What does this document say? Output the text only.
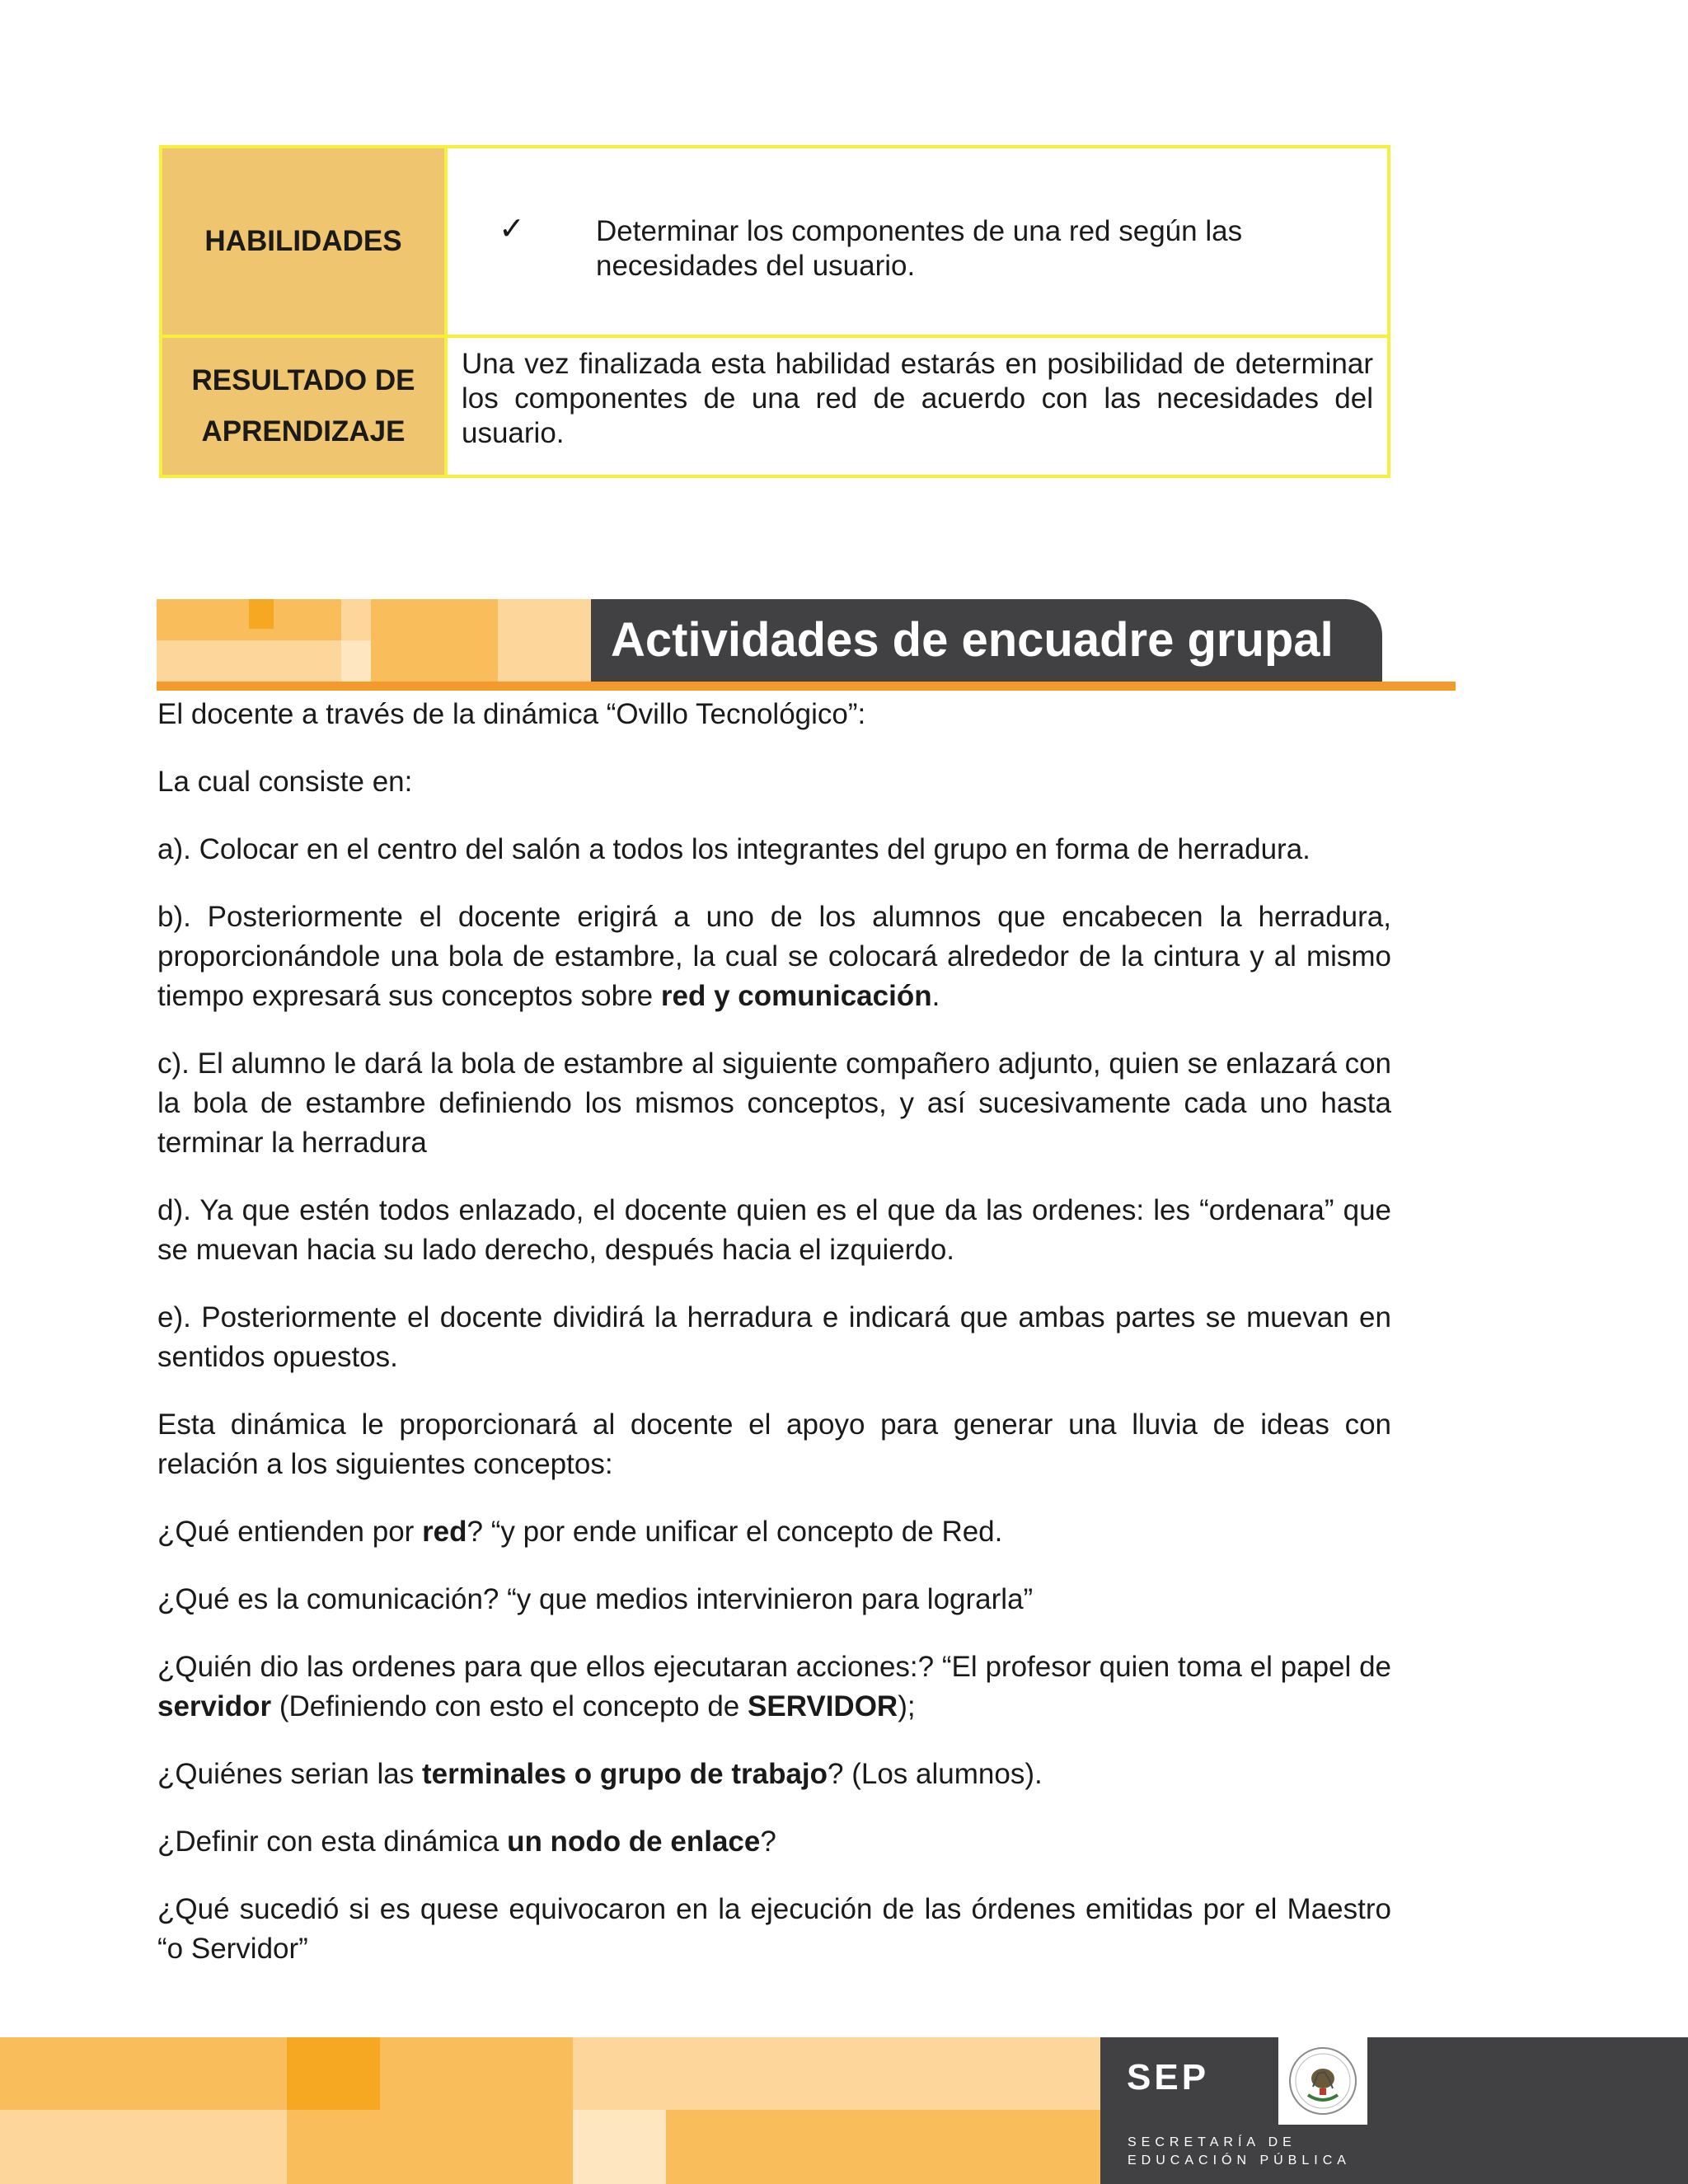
HABILIDADES	✓ Determinar los componentes de una red según las necesidades del usuario.

RESULTADO DE
APRENDIZAJE	Una vez finalizada esta habilidad estarás en posibilidad de determinar los componentes de una red de acuerdo con las necesidades del usuario.
Actividades de encuadre grupal

El docente a través de la dinámica “Ovillo Tecnológico”:

La cual consiste en:

a). Colocar en el centro del salón a todos los integrantes del grupo en forma de herradura.

b). Posteriormente el docente erigirá a uno de los alumnos que encabecen la herradura, proporcionándole una bola de estambre, la cual se colocará alrededor de la cintura y al mismo tiempo expresará sus conceptos sobre red y comunicación.

c). El alumno le dará la bola de estambre al siguiente compañero adjunto, quien se enlazará con la bola de estambre definiendo los mismos conceptos, y así sucesivamente cada uno hasta terminar la herradura

d). Ya que estén todos enlazado, el docente quien es el que da las ordenes: les “ordenara” que se muevan hacia su lado derecho, después hacia el izquierdo.

e). Posteriormente el docente dividirá la herradura e indicará que ambas partes se muevan en sentidos opuestos.

Esta dinámica le proporcionará al docente el apoyo para generar una lluvia de ideas con relación a los siguientes conceptos:

¿Qué entienden por red? “y por ende unificar el concepto de Red.

¿Qué es la comunicación? “y que medios intervinieron para lograrla”

¿Quién dio las ordenes para que ellos ejecutaran acciones:? “El profesor quien toma el papel de servidor (Definiendo con esto el concepto de SERVIDOR);

¿Quiénes serian las terminales o grupo de trabajo? (Los alumnos).

¿Definir con esta dinámica un nodo de enlace?

¿Qué sucedió si es quese equivocaron en la ejecución de las órdenes emitidas por el Maestro “o Servidor”

SEP
SECRETARÍA DE
EDUCACIÓN PÚBLICA
